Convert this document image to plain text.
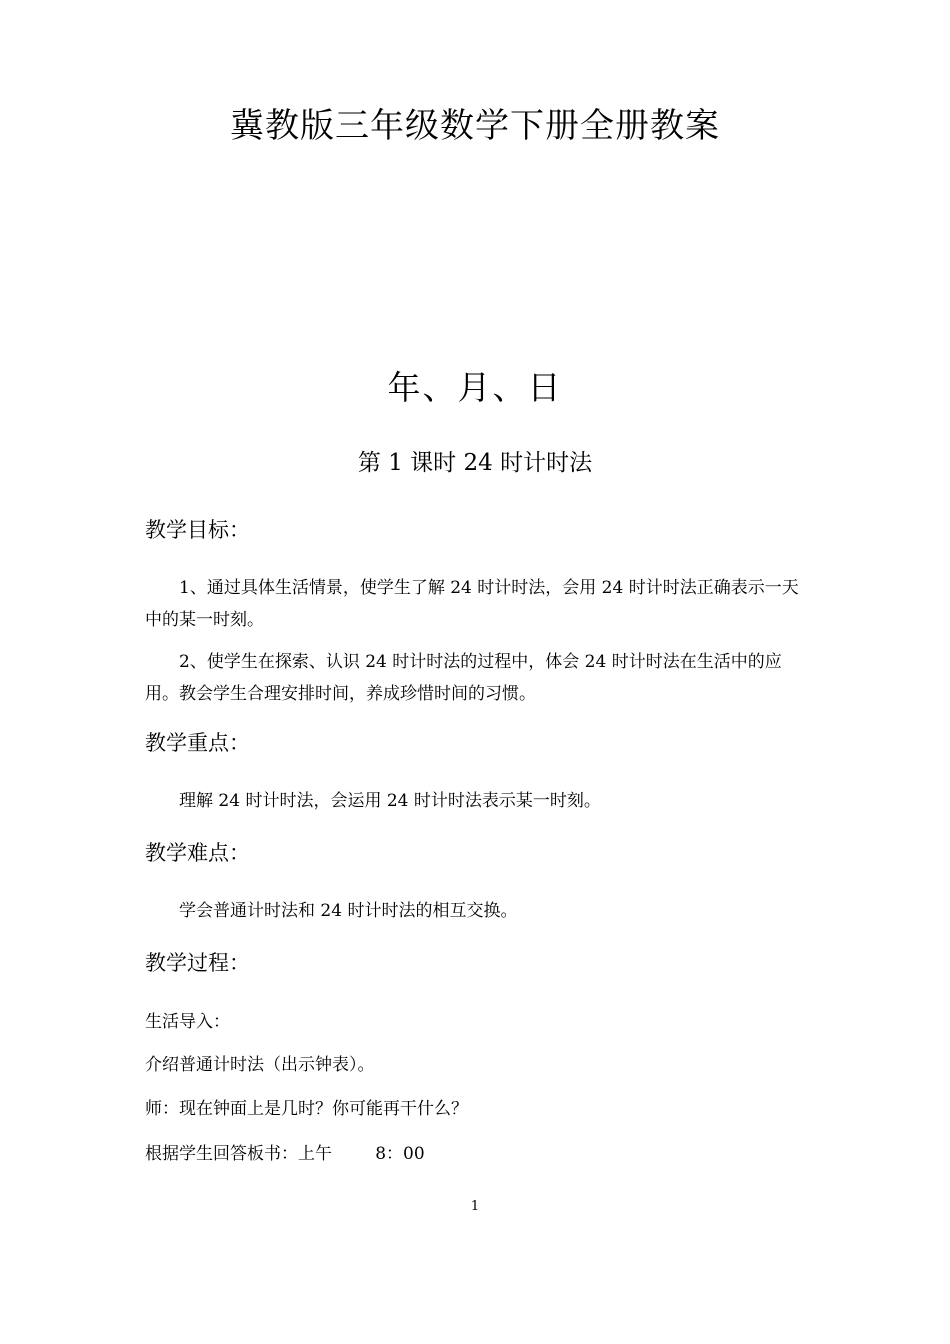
冀教版三年级数学下册全册教案
年、月、日
第 1 课时 24 时计时法
教学目标：
1、通过具体生活情景，使学生了解 24 时计时法，会用 24 时计时法正确表示一天中的某一时刻。
2、使学生在探索、认识 24 时计时法的过程中，体会 24 时计时法在生活中的应用。教会学生合理安排时间，养成珍惜时间的习惯。
教学重点：
理解 24 时计时法，会运用 24 时计时法表示某一时刻。
教学难点：
学会普通计时法和 24 时计时法的相互交换。
教学过程：
生活导入：
介绍普通计时法（出示钟表）。
师：现在钟面上是几时？你可能再干什么？
根据学生回答板书：上午        8：00
1
